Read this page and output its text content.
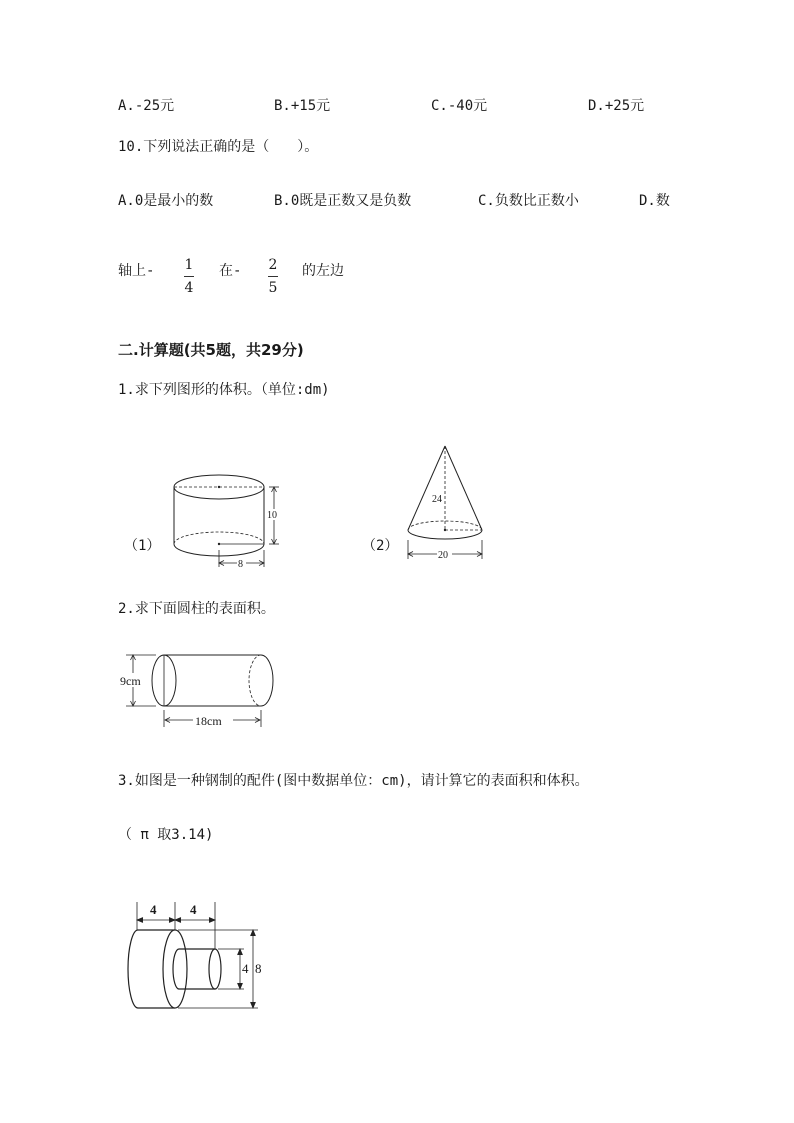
A.-25元	B.+15元	C.-40元	D.+25元
10.下列说法正确的是（　　）。
A.0是最小的数	B.0既是正数又是负数	C.负数比正数小	D.数
轴上- 1
4
在- 2
5
的左边
二.计算题(共5题，共29分)
1.求下列图形的体积。（单位:dm)
（1）
10
8
（2）
24
20
2.求下面圆柱的表面积。
9cm
18cm
3.如图是一种钢制的配件(图中数据单位：cm)，请计算它的表面积和体积。
（ π 取3.14)
4	4
4 8
